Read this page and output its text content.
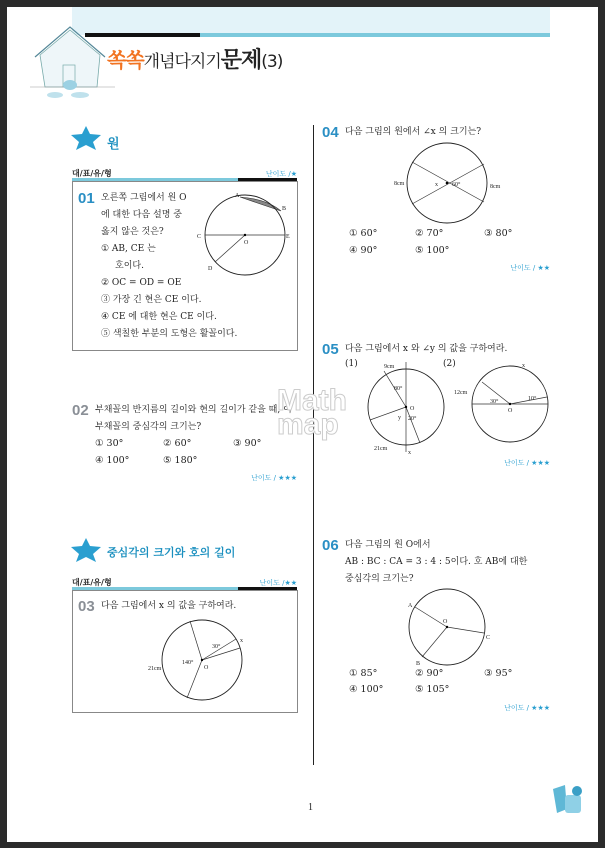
쏙쏙개념다지기문제(3)
원
대/표/유/형	난이도 /★
01 오른쪽 그림에서 원 O
에 대한 다음 설명 중
옳지 않은 것은?
① AB, CE 는
호이다.
② OC = OD = OE
③ 가장 긴 현은 CE 이다.
④ CE 에 대한 현은 CE 이다.
⑤ 색칠한 부분의 도형은 활꼴이다.
A
B
C
D
E
O
02 부채꼴의 반지름의 길이와 현의 길이가 같을 때, 이
부채꼴의 중심각의 크기는?
① 30°	② 60°	③ 90°
④ 100°	⑤ 180°
난이도 / ★★★
중심각의 크기와 호의 길이
대/표/유/형	난이도 /★★
03 다음 그림에서 x 의 값을 구하여라.
30°
140°
21cm
x
O
04 다음 그림의 원에서 ∠x 의 크기는?
8cm	8cm
x 60°
① 60°	② 70°	③ 80°
④ 90°	⑤ 100°
난이도 / ★★
05 다음 그림에서 x 와 ∠y 의 값을 구하여라.
(1)	(2)
9cm
80°
O
y 20°
21cm
x
12cm
30°
O
10°
x
난이도 / ★★★
06 다음 그림의 원 O에서
AB : BC : CA = 3 : 4 : 5이다. 호 AB에 대한
중심각의 크기는?
A
C
B
O
① 85°	② 90°	③ 95°
④ 100°	⑤ 105°
난이도 / ★★★
Math map
1
